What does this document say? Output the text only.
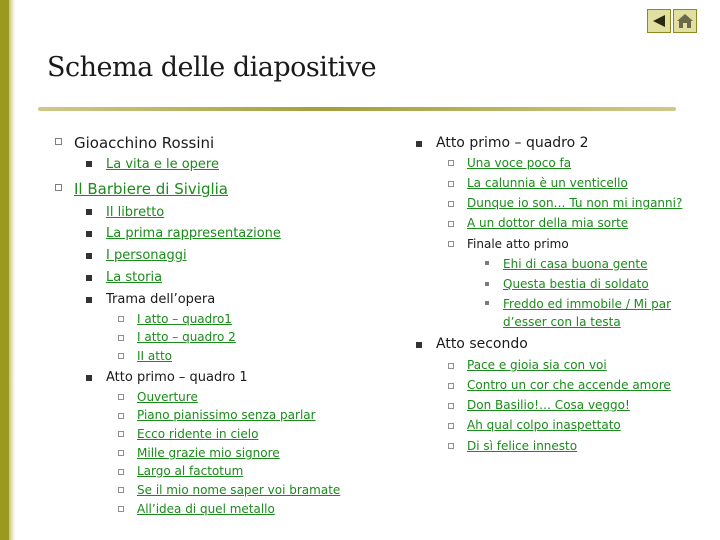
Schema delle diapositive
Gioacchino Rossini
La vita e le opere
Il Barbiere di Siviglia
Il libretto
La prima rappresentazione
I personaggi
La storia
Trama dell’opera
I atto – quadro1
I atto – quadro 2
II atto
Atto primo – quadro 1
Ouverture
Piano pianissimo senza parlar
Ecco ridente in cielo
Mille grazie mio signore
Largo al factotum
Se il mio nome saper voi bramate
All’idea di quel metallo
Atto primo – quadro 2
Una voce poco fa
La calunnia è un venticello
Dunque io son… Tu non mi inganni?
A un dottor della mia sorte
Finale atto primo
Ehi di casa buona gente
Questa bestia di soldato
Freddo ed immobile / Mi par
d’esser con la testa
Atto secondo
Pace e gioia sia con voi
Contro un cor che accende amore
Don Basilio!… Cosa veggo!
Ah qual colpo inaspettato
Di sì felice innesto
